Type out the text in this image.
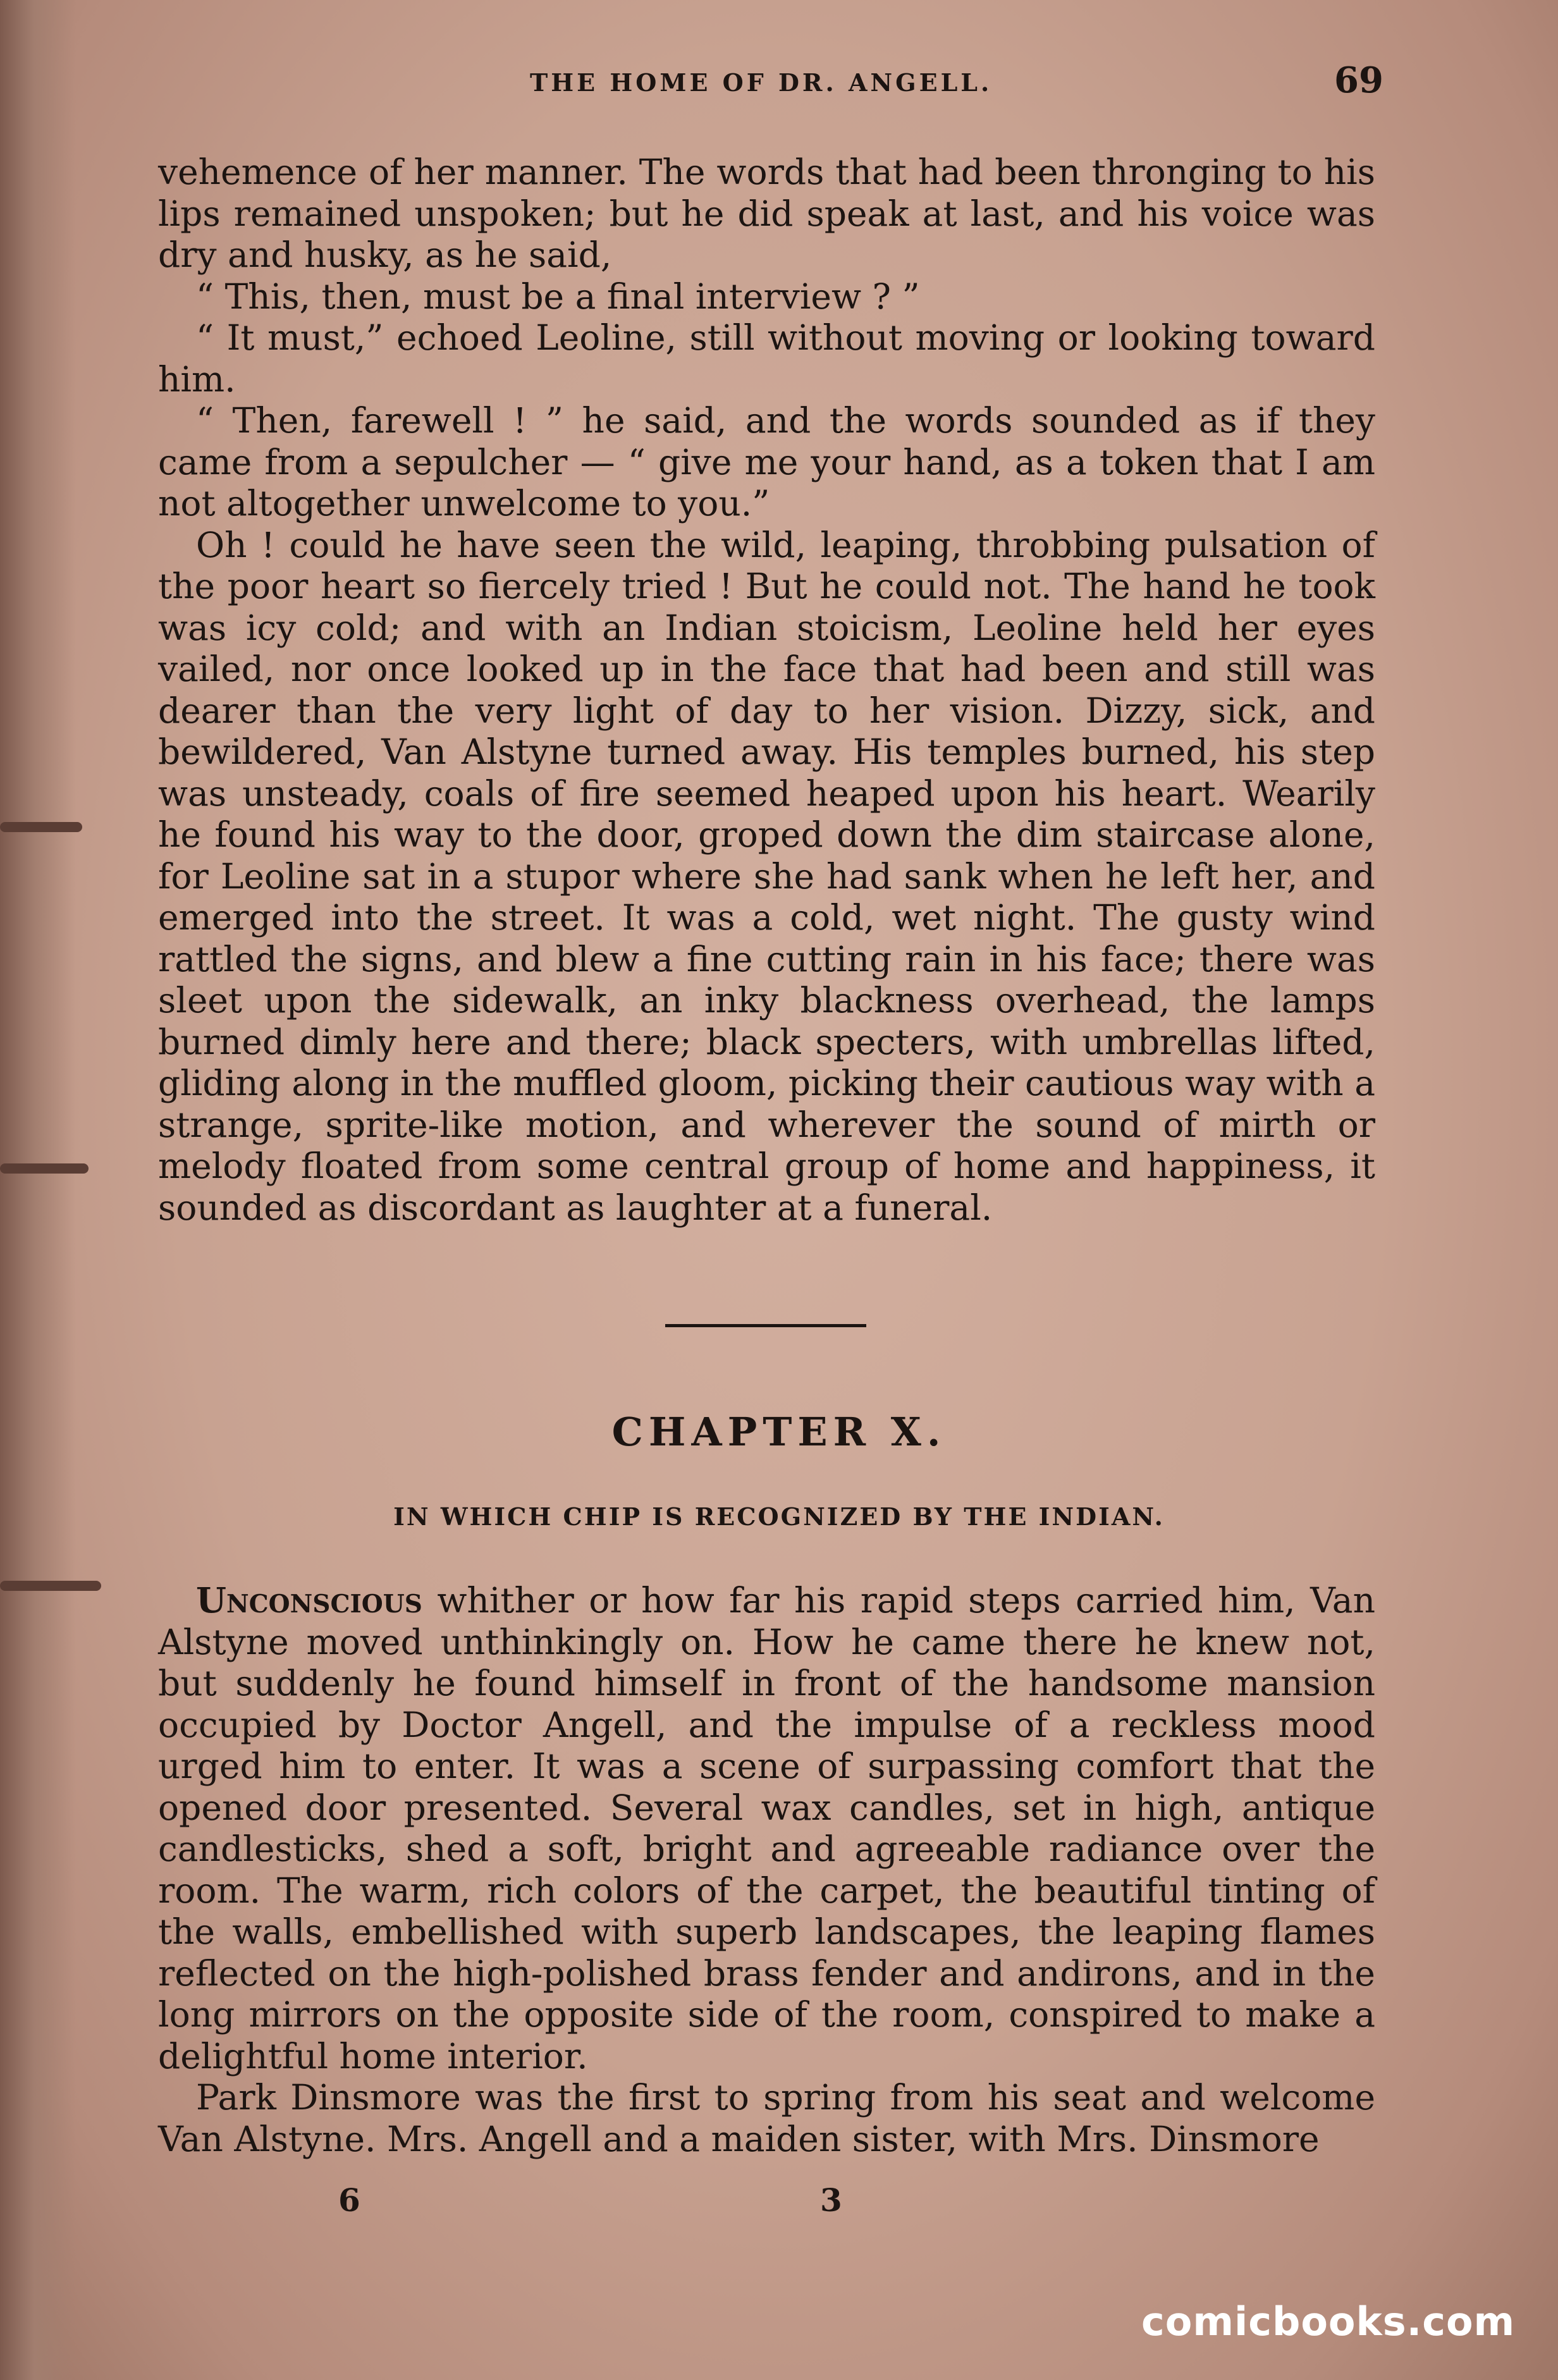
THE HOME OF DR. ANGELL.	69

vehemence of her manner. The words that had been thronging to his lips remained unspoken; but he did speak at last, and his voice was dry and husky, as he said,

“ This, then, must be a final interview ? ”

“ It must,” echoed Leoline, still without moving or looking toward him.

“ Then, farewell ! ” he said, and the words sounded as if they came from a sepulcher — “ give me your hand, as a token that I am not altogether unwelcome to you.”

Oh ! could he have seen the wild, leaping, throbbing pulsation of the poor heart so fiercely tried ! But he could not. The hand he took was icy cold; and with an Indian stoicism, Leoline held her eyes vailed, nor once looked up in the face that had been and still was dearer than the very light of day to her vision. Dizzy, sick, and bewildered, Van Alstyne turned away. His temples burned, his step was unsteady, coals of fire seemed heaped upon his heart. Wearily he found his way to the door, groped down the dim staircase alone, for Leoline sat in a stupor where she had sank when he left her, and emerged into the street. It was a cold, wet night. The gusty wind rattled the signs, and blew a fine cutting rain in his face; there was sleet upon the sidewalk, an inky blackness overhead, the lamps burned dimly here and there; black specters, with umbrellas lifted, gliding along in the muffled gloom, picking their cautious way with a strange, sprite-like motion, and wherever the sound of mirth or melody floated from some central group of home and happiness, it sounded as discordant as laughter at a funeral.

CHAPTER X.
IN WHICH CHIP IS RECOGNIZED BY THE INDIAN.

Unconscious whither or how far his rapid steps carried him, Van Alstyne moved unthinkingly on. How he came there he knew not, but suddenly he found himself in front of the handsome mansion occupied by Doctor Angell, and the impulse of a reckless mood urged him to enter. It was a scene of surpassing comfort that the opened door presented. Several wax candles, set in high, antique candlesticks, shed a soft, bright and agreeable radiance over the room. The warm, rich colors of the carpet, the beautiful tinting of the walls, embellished with superb landscapes, the leaping flames reflected on the high-polished brass fender and andirons, and in the long mirrors on the opposite side of the room, conspired to make a delightful home interior.

Park Dinsmore was the first to spring from his seat and welcome Van Alstyne. Mrs. Angell and a maiden sister, with Mrs. Dinsmore

6	3
comicbooks.com
